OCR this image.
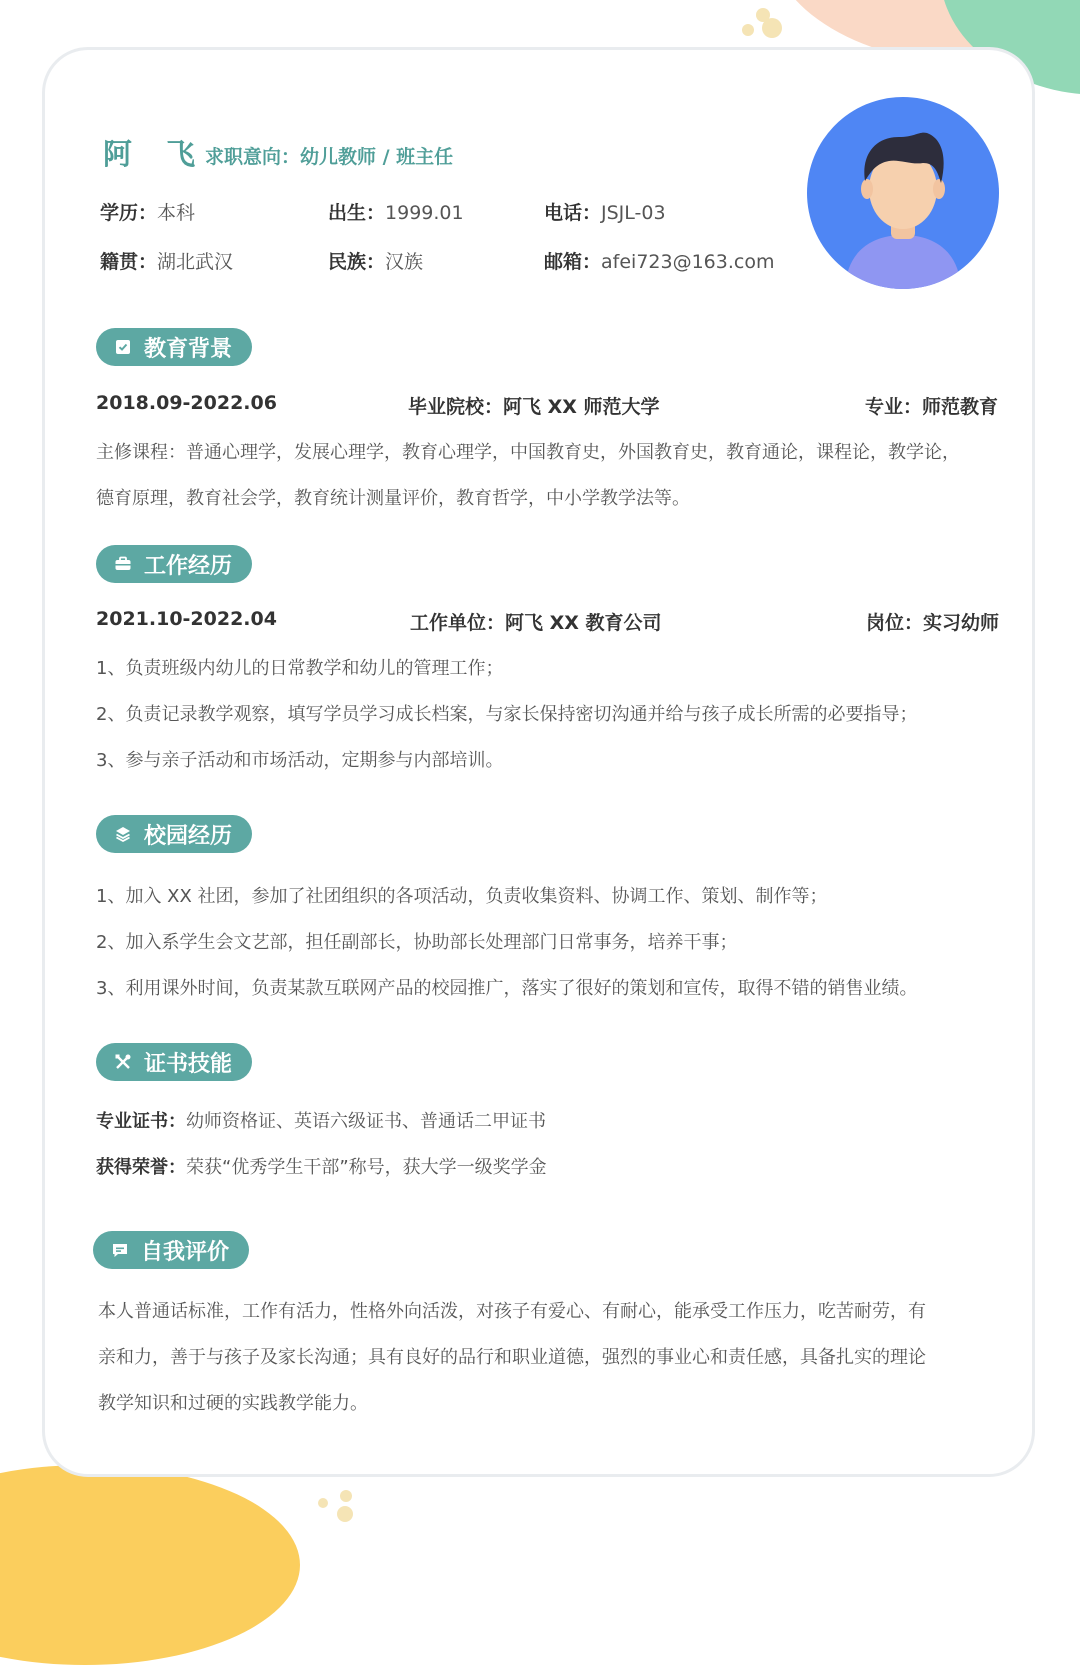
阿 飞
求职意向：幼儿教师 / 班主任
学历：本科	出生：1999.01	电话：JSJL-03
籍贯：湖北武汉	民族：汉族	邮箱：afei723@163.com
教育背景
2018.09-2022.06	毕业院校：阿飞 XX 师范大学	专业：师范教育
主修课程：普通心理学，发展心理学，教育心理学，中国教育史，外国教育史，教育通论，课程论，教学论，
德育原理，教育社会学，教育统计测量评价，教育哲学，中小学教学法等。
工作经历
2021.10-2022.04	工作单位：阿飞 XX 教育公司	岗位：实习幼师
1、负责班级内幼儿的日常教学和幼儿的管理工作；
2、负责记录教学观察，填写学员学习成长档案，与家长保持密切沟通并给与孩子成长所需的必要指导；
3、参与亲子活动和市场活动，定期参与内部培训。
校园经历
1、加入 XX 社团，参加了社团组织的各项活动，负责收集资料、协调工作、策划、制作等；
2、加入系学生会文艺部，担任副部长，协助部长处理部门日常事务，培养干事；
3、利用课外时间，负责某款互联网产品的校园推广，落实了很好的策划和宣传，取得不错的销售业绩。
证书技能
专业证书：幼师资格证、英语六级证书、普通话二甲证书
获得荣誉：荣获“优秀学生干部”称号，获大学一级奖学金
自我评价
本人普通话标准，工作有活力，性格外向活泼，对孩子有爱心、有耐心，能承受工作压力，吃苦耐劳，有
亲和力，善于与孩子及家长沟通；具有良好的品行和职业道德，强烈的事业心和责任感，具备扎实的理论
教学知识和过硬的实践教学能力。
